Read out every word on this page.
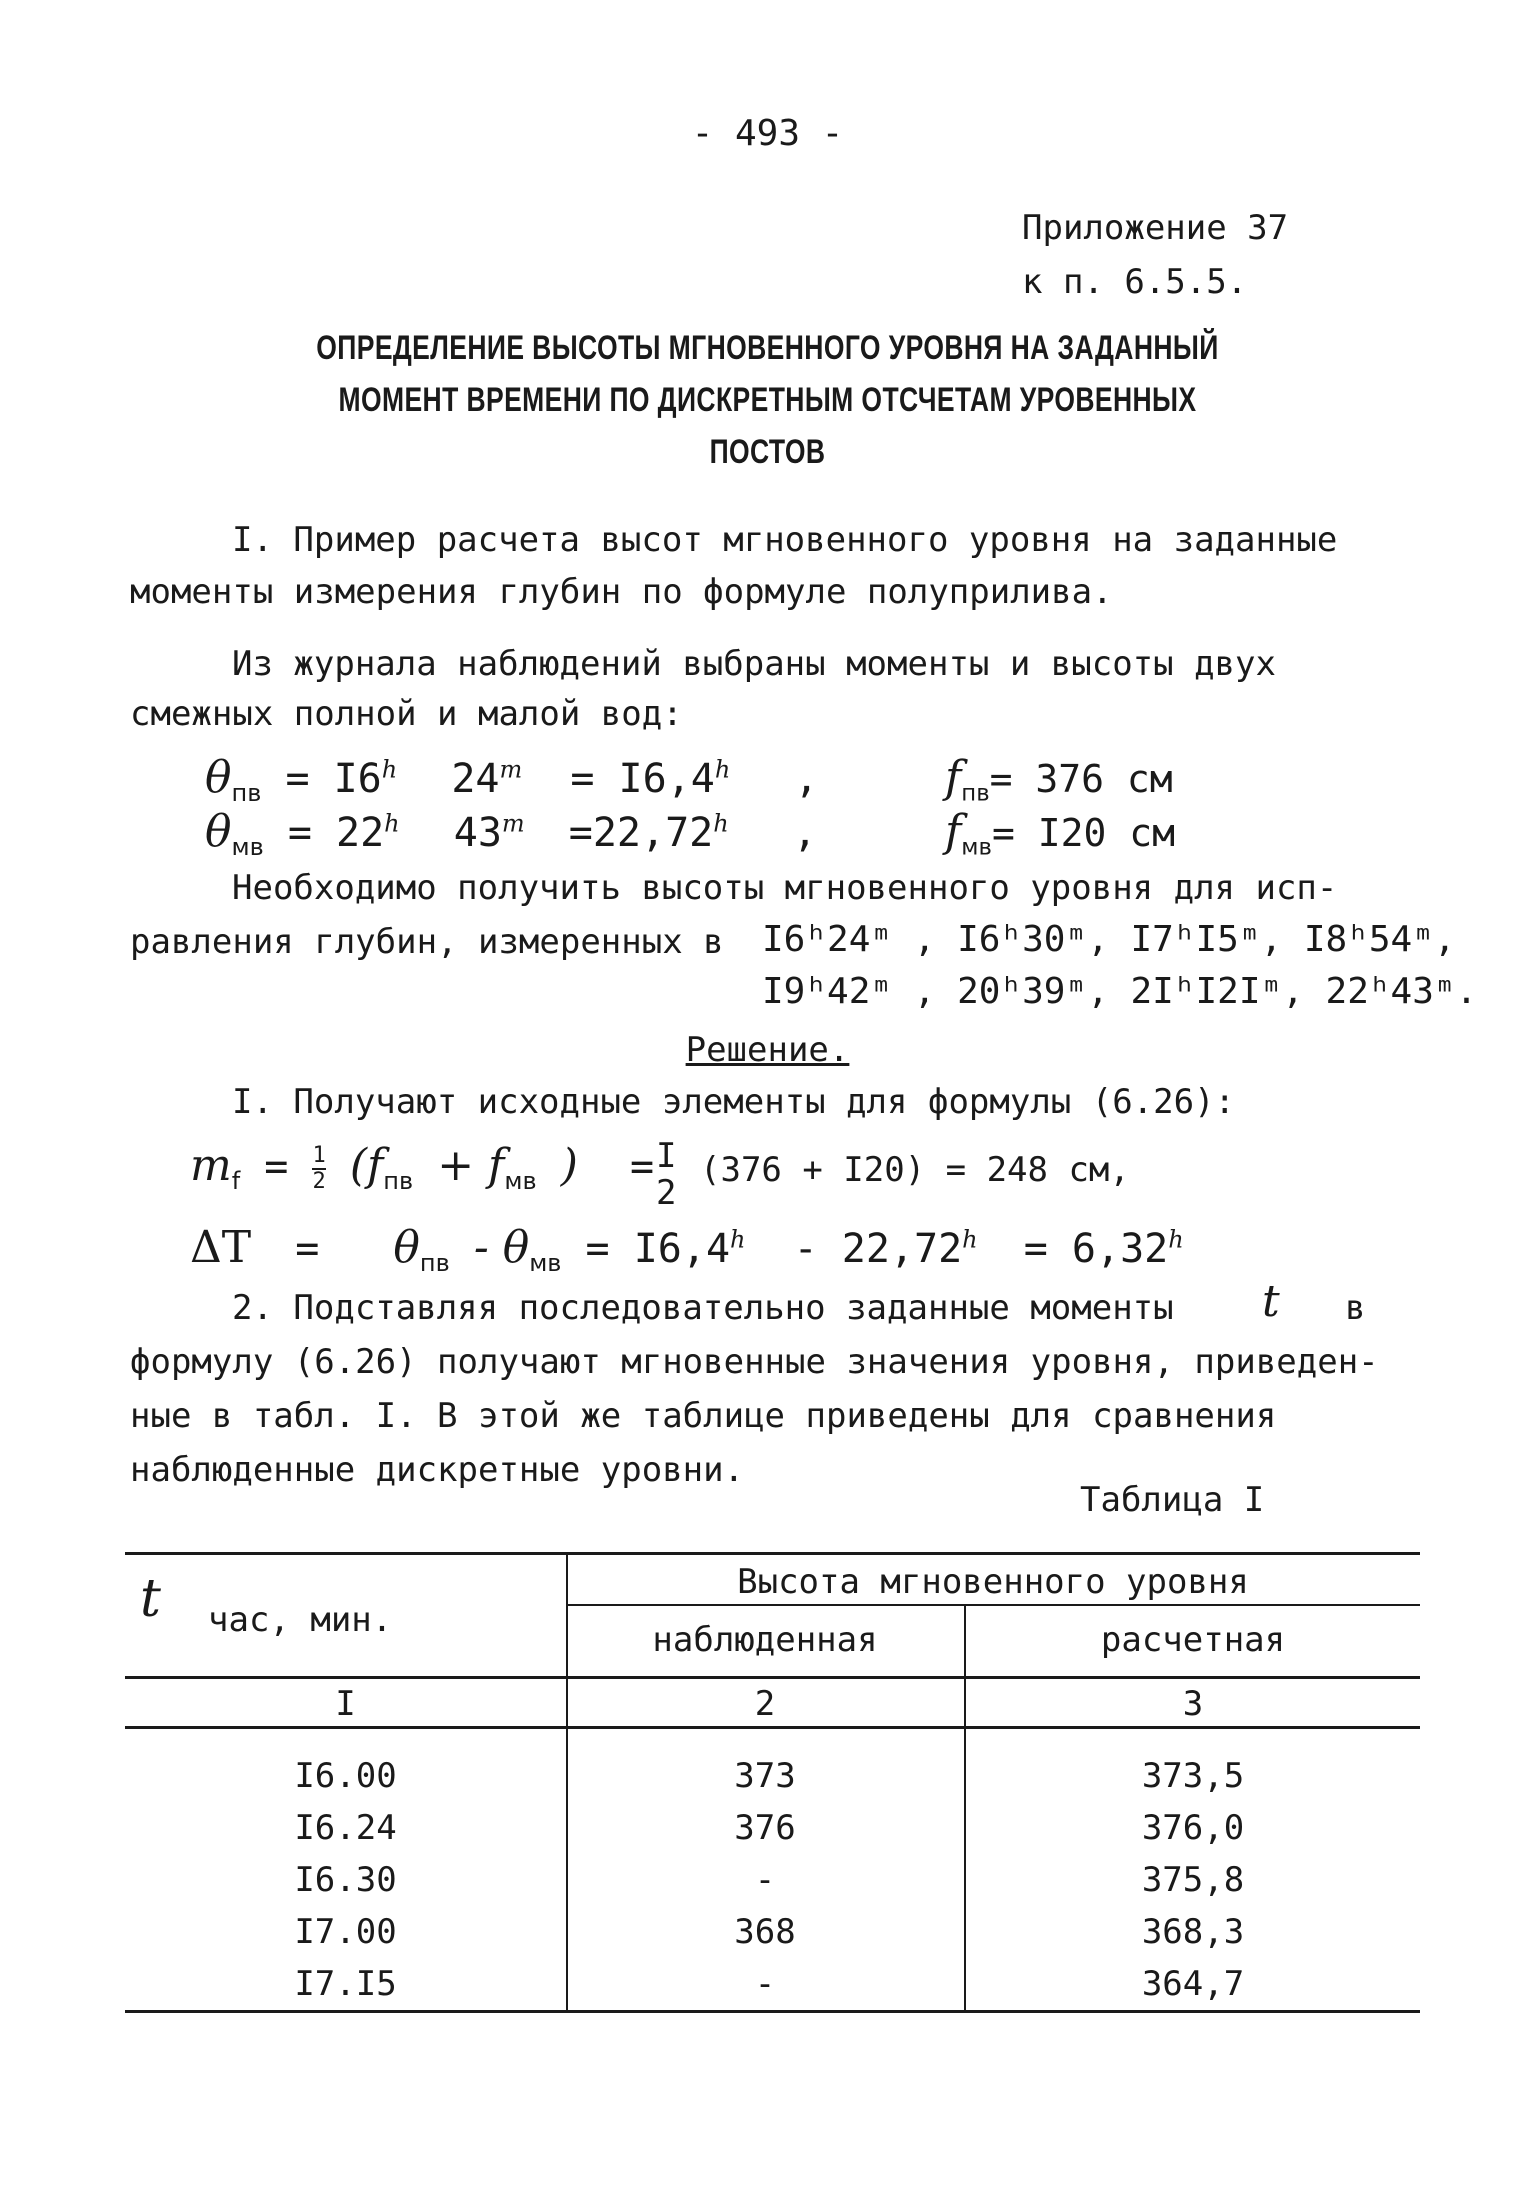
- 493 -
Приложение 37
к п. 6.5.5.
ОПРЕДЕЛЕНИЕ ВЫСОТЫ МГНОВЕННОГО УРОВНЯ НА ЗАДАННЫЙ
МОМЕНТ ВРЕМЕНИ ПО ДИСКРЕТНЫМ ОТСЧЕТАМ УРОВЕННЫХ
ПОСТОВ
I. Пример расчета высот мгновенного уровня на заданные
моменты измерения глубин по формуле полуприлива.
Из журнала наблюдений выбраны моменты и высоты двух
смежных полной и малой вод:
$\theta_{пв} = I6^h$ $24^m = I6,4^h$ ,	$f_{пв}= 376$ см
$\theta_{мв} = 22^h$ $43^m =22,72^h$ ,	$f_{мв}= I20$ см
Необходимо получить высоты мгновенного уровня для исп-
равления глубин, измеренных в I6ʰ24ᵐ , I6ʰ30ᵐ, I7ʰI5ᵐ, I8ʰ54ᵐ,
I9ʰ42ᵐ , 20ʰ39ᵐ, 2IʰI2Iᵐ, 22ʰ43ᵐ.
Решение.
I. Получают исходные элементы для формулы (6.26):
$m_f = \frac{1}{2} (f_{пв} + f_{мв}$ ) = I
2
(376 + I20) = 248 см,
$\Delta T = \theta_{пв} - \theta_{мв} = I6,4^h - 22,72^h = 6,32^h$
2. Подставляя последовательно заданные моменты t в
формулу (6.26) получают мгновенные значения уровня, приведен-
ные в табл. I. В этой же таблице приведены для сравнения
наблюденные дискретные уровни.
Таблица I
t час, мин.
Высота мгновенного уровня
наблюденная	расчетная
I	2	3
I6.00	373	373,5
I6.24	376	376,0
I6.30	-	375,8
I7.00	368	368,3
I7.I5	-	364,7
